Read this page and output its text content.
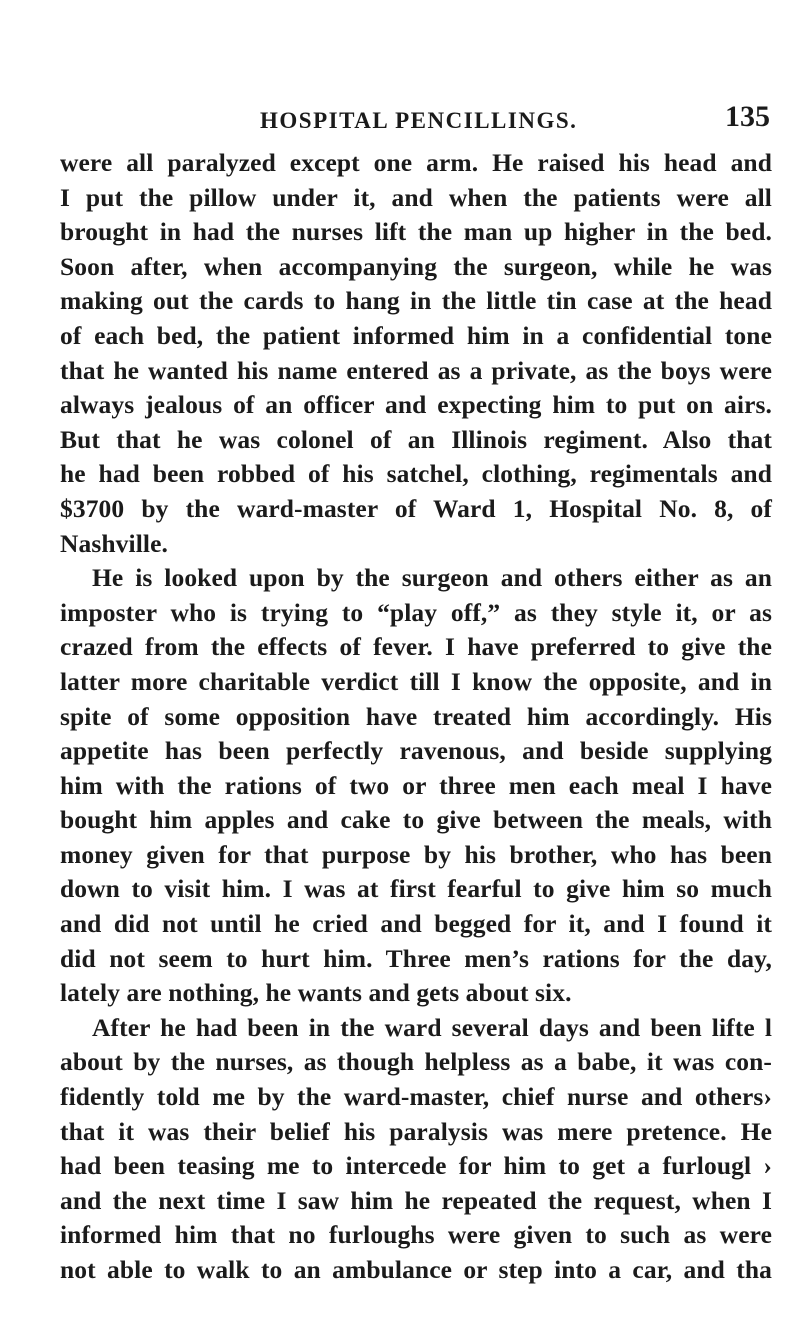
HOSPITAL PENCILLINGS.	135
were all paralyzed except one arm. He raised his head and
I put the pillow under it, and when the patients were all
brought in had the nurses lift the man up higher in the bed.
Soon after, when accompanying the surgeon, while he was
making out the cards to hang in the little tin case at the head
of each bed, the patient informed him in a confidential tone
that he wanted his name entered as a private, as the boys were
always jealous of an officer and expecting him to put on airs.
But that he was colonel of an Illinois regiment. Also that
he had been robbed of his satchel, clothing, regimentals and
$3700 by the ward-master of Ward 1, Hospital No. 8, of
Nashville.
He is looked upon by the surgeon and others either as an
imposter who is trying to “play off,” as they style it, or as
crazed from the effects of fever. I have preferred to give the
latter more charitable verdict till I know the opposite, and in
spite of some opposition have treated him accordingly. His
appetite has been perfectly ravenous, and beside supplying
him with the rations of two or three men each meal I have
bought him apples and cake to give between the meals, with
money given for that purpose by his brother, who has been
down to visit him. I was at first fearful to give him so much
and did not until he cried and begged for it, and I found it
did not seem to hurt him. Three men’s rations for the day,
lately are nothing, he wants and gets about six.
After he had been in the ward several days and been lifte l
about by the nurses, as though helpless as a babe, it was con-
fidently told me by the ward-master, chief nurse and others›
that it was their belief his paralysis was mere pretence. He
had been teasing me to intercede for him to get a furlougl ›
and the next time I saw him he repeated the request, when I
informed him that no furloughs were given to such as were
not able to walk to an ambulance or step into a car, and tha
